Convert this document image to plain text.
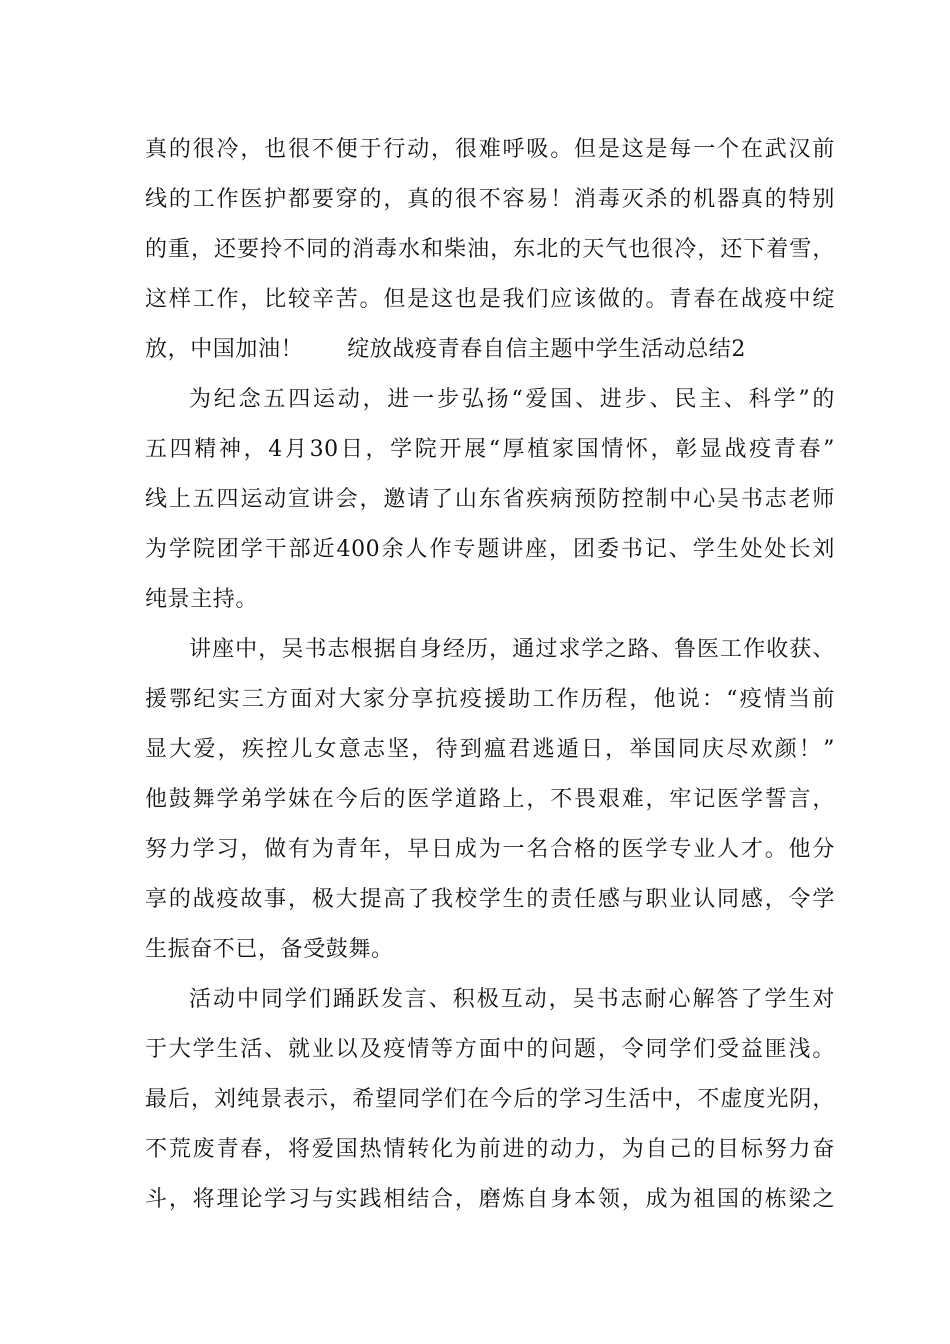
真的很冷，也很不便于行动，很难呼吸。但是这是每一个在武汉前
线的工作医护都要穿的，真的很不容易！消毒灭杀的机器真的特别
的重，还要拎不同的消毒水和柴油，东北的天气也很冷，还下着雪，
这样工作，比较辛苦。但是这也是我们应该做的。青春在战疫中绽
放，中国加油！ 绽放战疫青春自信主题中学生活动总结2
为纪念五四运动，进一步弘扬“爱国、进步、民主、科学”的
五四精神，4月30日，学院开展“厚植家国情怀，彰显战疫青春”
线上五四运动宣讲会，邀请了山东省疾病预防控制中心吴书志老师
为学院团学干部近400余人作专题讲座，团委书记、学生处处长刘
纯景主持。
讲座中，吴书志根据自身经历，通过求学之路、鲁医工作收获、
援鄂纪实三方面对大家分享抗疫援助工作历程，他说：“疫情当前
显大爱，疾控儿女意志坚，待到瘟君逃遁日，举国同庆尽欢颜！”
他鼓舞学弟学妹在今后的医学道路上，不畏艰难，牢记医学誓言，
努力学习，做有为青年，早日成为一名合格的医学专业人才。他分
享的战疫故事，极大提高了我校学生的责任感与职业认同感，令学
生振奋不已，备受鼓舞。
活动中同学们踊跃发言、积极互动，吴书志耐心解答了学生对
于大学生活、就业以及疫情等方面中的问题，令同学们受益匪浅。
最后，刘纯景表示，希望同学们在今后的学习生活中，不虚度光阴，
不荒废青春，将爱国热情转化为前进的动力，为自己的目标努力奋
斗，将理论学习与实践相结合，磨炼自身本领，成为祖国的栋梁之
